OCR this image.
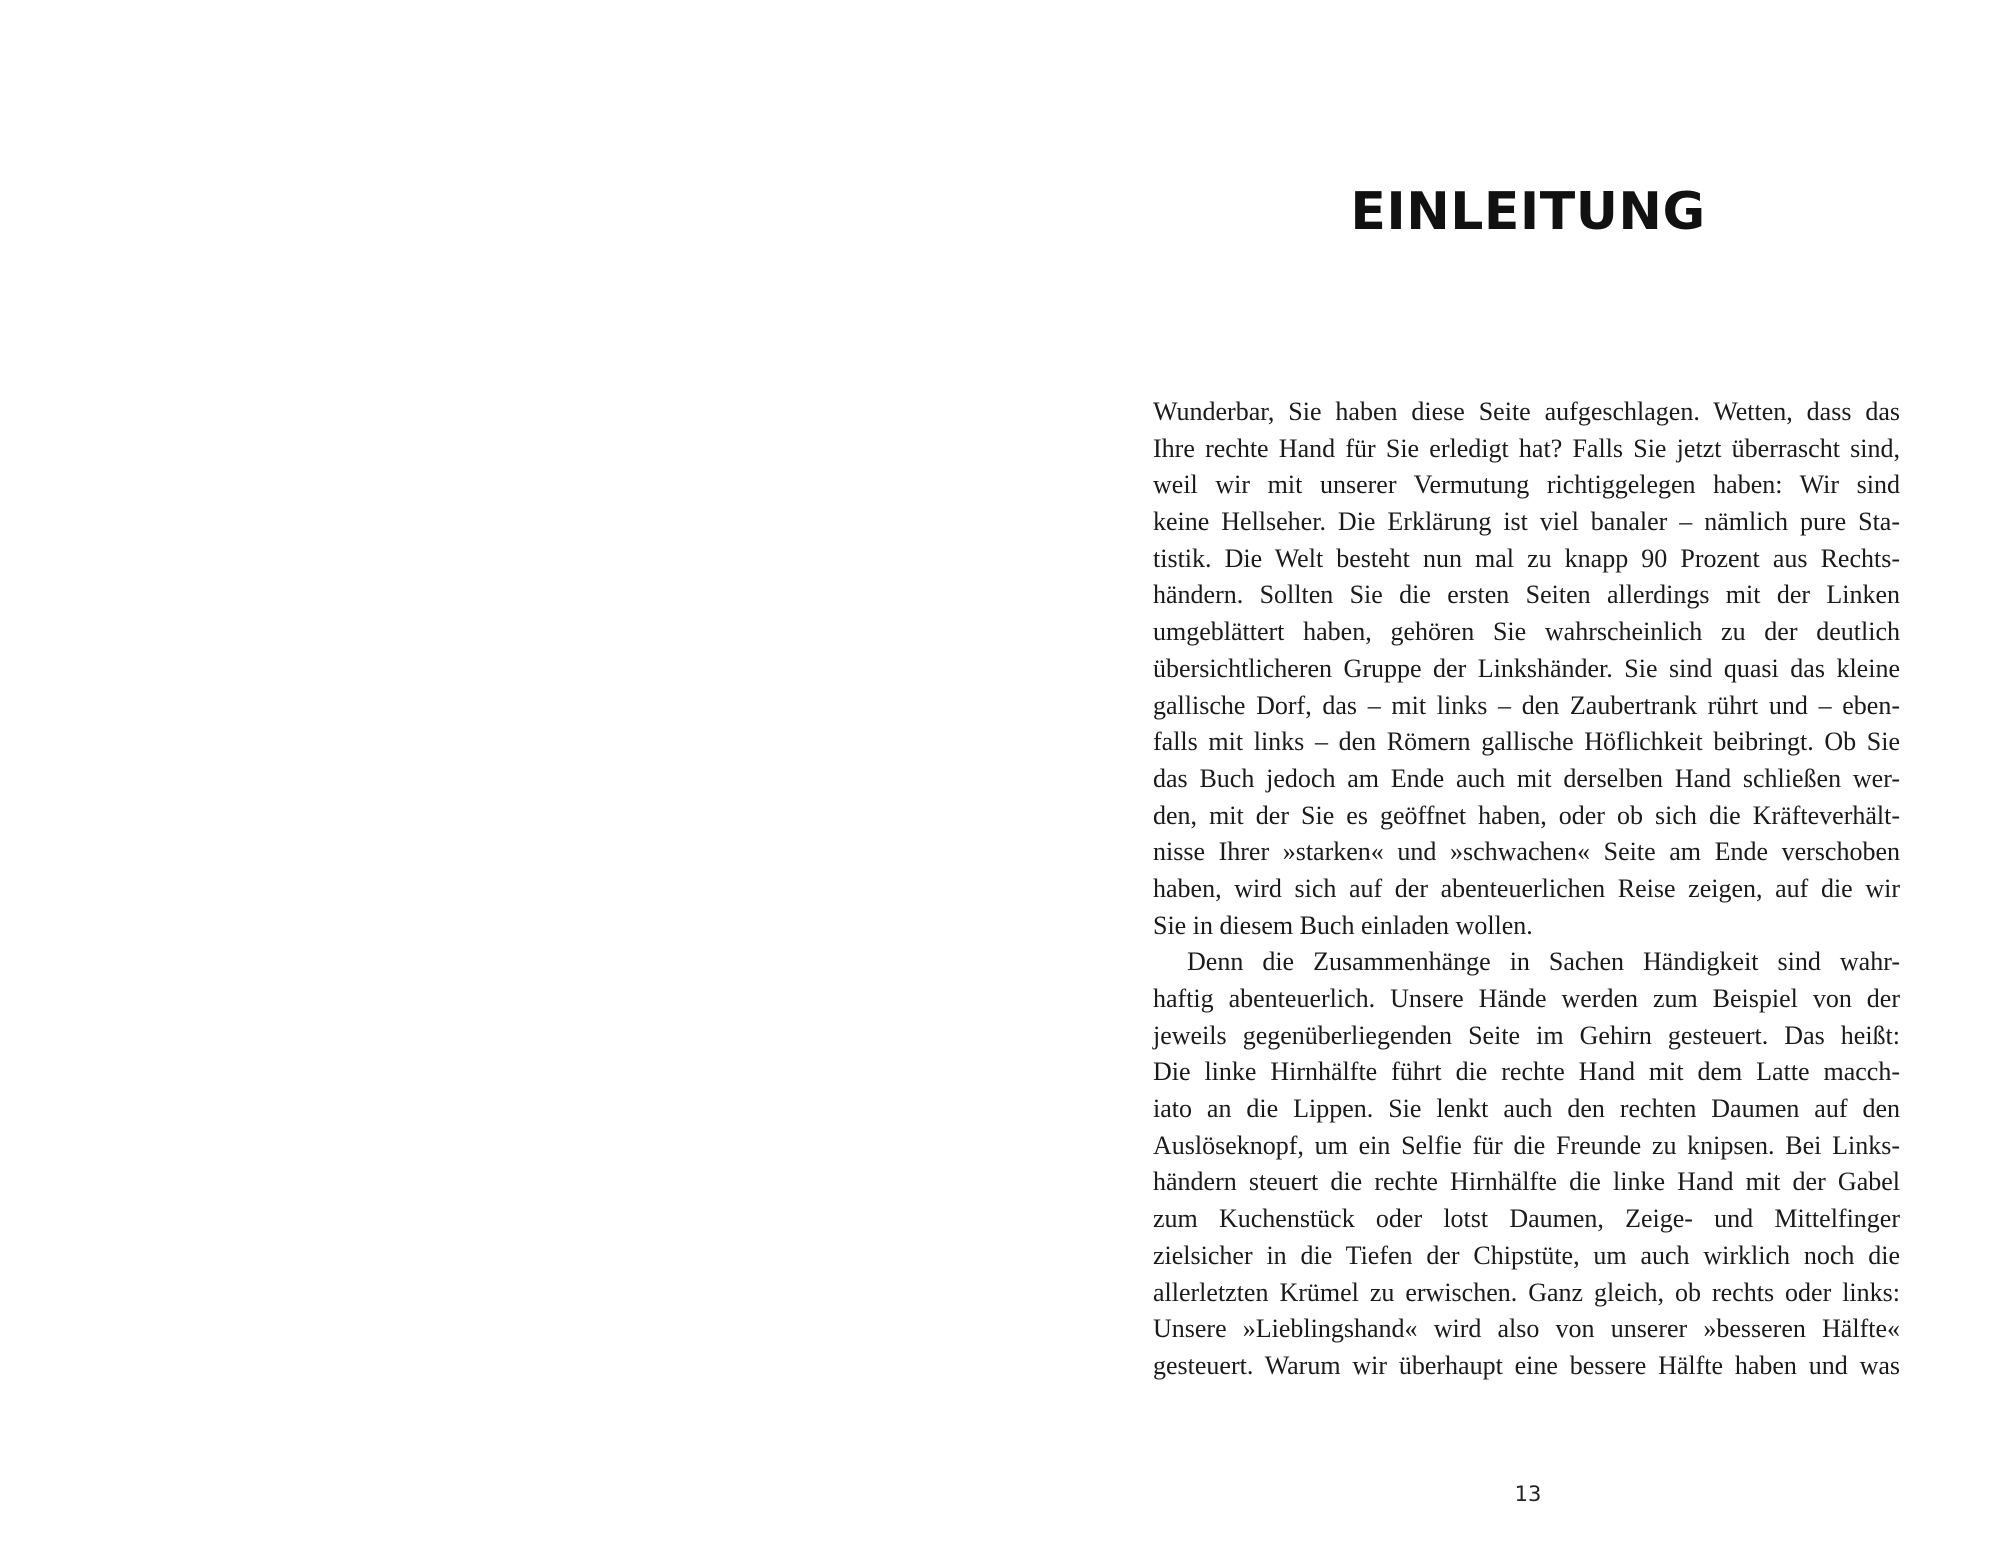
EINLEITUNG
Wunderbar, Sie haben diese Seite aufgeschlagen. Wetten, dass das
Ihre rechte Hand für Sie erledigt hat? Falls Sie jetzt überrascht sind,
weil wir mit unserer Vermutung richtiggelegen haben: Wir sind
keine Hellseher. Die Erklärung ist viel banaler – nämlich pure Sta-
tistik. Die Welt besteht nun mal zu knapp 90 Prozent aus Rechts-
händern. Sollten Sie die ersten Seiten allerdings mit der Linken
umgeblättert haben, gehören Sie wahrscheinlich zu der deutlich
übersichtlicheren Gruppe der Linkshänder. Sie sind quasi das kleine
gallische Dorf, das – mit links – den Zaubertrank rührt und – eben-
falls mit links – den Römern gallische Höflichkeit beibringt. Ob Sie
das Buch jedoch am Ende auch mit derselben Hand schließen wer-
den, mit der Sie es geöffnet haben, oder ob sich die Kräfteverhält-
nisse Ihrer »starken« und »schwachen« Seite am Ende verschoben
haben, wird sich auf der abenteuerlichen Reise zeigen, auf die wir
Sie in diesem Buch einladen wollen.
Denn die Zusammenhänge in Sachen Händigkeit sind wahr-
haftig abenteuerlich. Unsere Hände werden zum Beispiel von der
jeweils gegenüberliegenden Seite im Gehirn gesteuert. Das heißt:
Die linke Hirnhälfte führt die rechte Hand mit dem Latte macch-
iato an die Lippen. Sie lenkt auch den rechten Daumen auf den
Auslöseknopf, um ein Selfie für die Freunde zu knipsen. Bei Links-
händern steuert die rechte Hirnhälfte die linke Hand mit der Gabel
zum Kuchenstück oder lotst Daumen, Zeige- und Mittelfinger
zielsicher in die Tiefen der Chipstüte, um auch wirklich noch die
allerletzten Krümel zu erwischen. Ganz gleich, ob rechts oder links:
Unsere »Lieblingshand« wird also von unserer »besseren Hälfte«
gesteuert. Warum wir überhaupt eine bessere Hälfte haben und was
13
